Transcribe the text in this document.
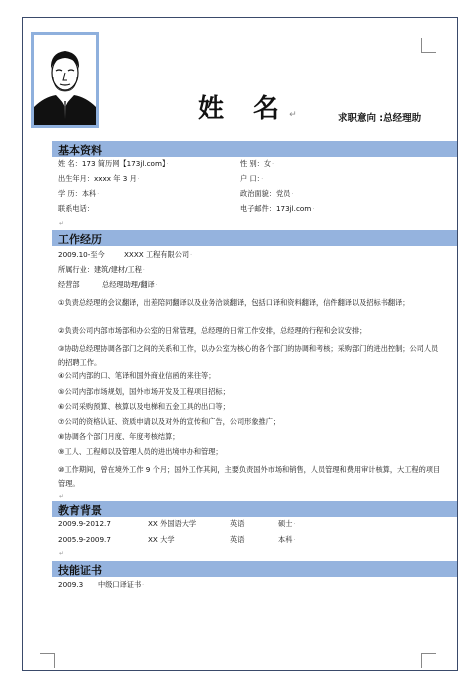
姓 名↵	求职意向 :总经理助
基本资料
姓 名：173 简历网【173jl.com】·	性 别：女·
出生年月：xxxx 年 3 月·	户 口：·
学 历：本科·	政治面貌：党员·
联系电话：	电子邮件：173jl.com·
↵
工作经历
2009.10-至今	XXXX 工程有限公司·
所属行业：建筑/建材/工程·
经营部	总经理助理/翻译·
①负责总经理的会议翻译，出差陪同翻译以及业务洽谈翻译，包括口译和资料翻译，信件翻译以及招标书翻译；
②负责公司内部市场部和办公室的日常管理，总经理的日常工作安排，总经理的行程和会议安排；
③协助总经理协调各部门之间的关系和工作，以办公室为核心的各个部门的协调和考核；采购部门的进出控制；公司人员的招聘工作。
④公司内部的口、笔译和国外商业信函的来往等；
⑤公司内部市场规划，国外市场开发及工程项目招标；
⑥公司采购预算、核算以及电梯和五金工具的出口等；
⑦公司的资格认证、资质申请以及对外的宣传和广告，公司形象推广；
⑧协调各个部门月度、年度考核结算；
⑨工人、工程师以及管理人员的进出境申办和管理；
⑩工作期间，曾在境外工作 9 个月；国外工作其间，主要负责国外市场和销售，人员管理和费用审计核算，大工程的项目管理。
↵
教育背景
2009.9-2012.7	XX 外国语大学	英语	硕士·
2005.9-2009.7	XX 大学	英语	本科·
↵
技能证书
2009.3 中级口译证书·
